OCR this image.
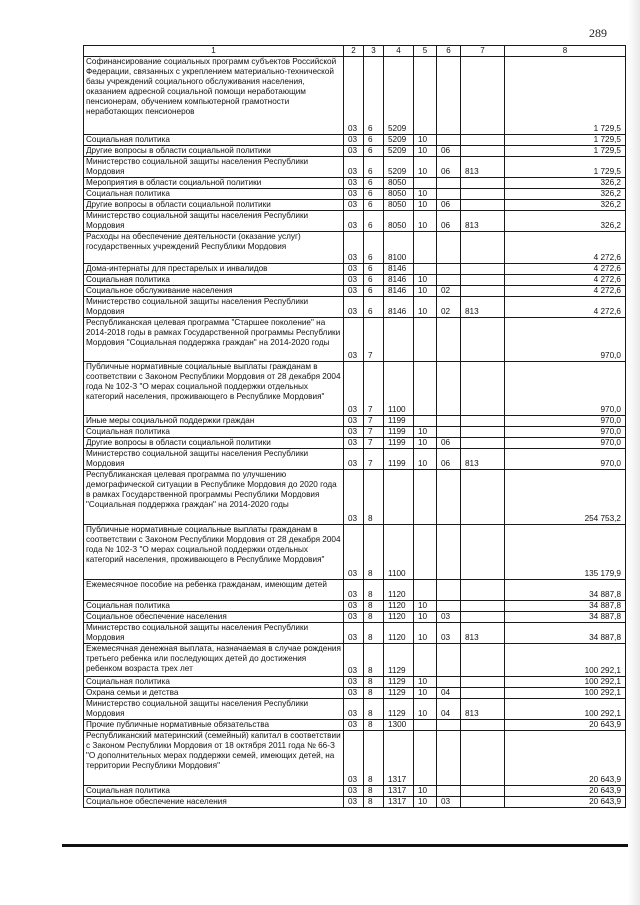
289
1	2	3	4	5	6	7	8
Софинансирование социальных программ субъектов Российской Федерации, связанных с укреплением материально-технической базы учреждений социального обслуживания населения, оказанием адресной социальной помощи неработающим пенсионерам, обучением компьютерной грамотности неработающих пенсионеров	03	6	5209				1 729,5
Социальная политика	03	6	5209	10			1 729,5
Другие вопросы в области социальной политики	03	6	5209	10	06		1 729,5
Министерство социальной защиты населения Республики Мордовия	03	6	5209	10	06	813	1 729,5
Мероприятия в области социальной политики	03	6	8050				326,2
Социальная политика	03	6	8050	10			326,2
Другие вопросы в области социальной политики	03	6	8050	10	06		326,2
Министерство социальной защиты населения Республики Мордовия	03	6	8050	10	06	813	326,2
Расходы на обеспечение деятельности (оказание услуг) государственных учреждений Республики Мордовия	03	6	8100				4 272,6
Дома-интернаты для престарелых и инвалидов	03	6	8146				4 272,6
Социальная политика	03	6	8146	10			4 272,6
Социальное обслуживание населения	03	6	8146	10	02		4 272,6
Министерство социальной защиты населения Республики Мордовия	03	6	8146	10	02	813	4 272,6
Республиканская целевая программа "Старшее поколение" на 2014-2018 годы в рамках Государственной программы Республики Мордовия "Социальная поддержка граждан" на 2014-2020 годы	03	7					970,0
Публичные нормативные социальные выплаты гражданам в соответствии с Законом Республики Мордовия от 28 декабря 2004 года № 102-З "О мерах социальной поддержки отдельных категорий населения, проживающего в Республике Мордовия"	03	7	1100				970,0
Иные меры социальной поддержки граждан	03	7	1199				970,0
Социальная политика	03	7	1199	10			970,0
Другие вопросы в области социальной политики	03	7	1199	10	06		970,0
Министерство социальной защиты населения Республики Мордовия	03	7	1199	10	06	813	970,0
Республиканская целевая программа по улучшению демографической ситуации в Республике Мордовия до 2020 года в рамках Государственной программы Республики Мордовия "Социальная поддержка граждан" на 2014-2020 годы	03	8					254 753,2
Публичные нормативные социальные выплаты гражданам в соответствии с Законом Республики Мордовия от 28 декабря 2004 года № 102-З "О мерах социальной поддержки отдельных категорий населения, проживающего в Республике Мордовия"	03	8	1100				135 179,9
Ежемесячное пособие на ребенка гражданам, имеющим детей	03	8	1120				34 887,8
Социальная политика	03	8	1120	10			34 887,8
Социальное обеспечение населения	03	8	1120	10	03		34 887,8
Министерство социальной защиты населения Республики Мордовия	03	8	1120	10	03	813	34 887,8
Ежемесячная денежная выплата, назначаемая в случае рождения третьего ребенка или последующих детей до достижения ребенком возраста трех лет	03	8	1129				100 292,1
Социальная политика	03	8	1129	10			100 292,1
Охрана семьи и детства	03	8	1129	10	04		100 292,1
Министерство социальной защиты населения Республики Мордовия	03	8	1129	10	04	813	100 292,1
Прочие публичные нормативные обязательства	03	8	1300				20 643,9
Республиканский материнский (семейный) капитал в соответствии с Законом Республики Мордовия от 18 октября 2011 года № 66-З "О дополнительных мерах поддержки семей, имеющих детей, на территории Республики Мордовия"	03	8	1317				20 643,9
Социальная политика	03	8	1317	10			20 643,9
Социальное обеспечение населения	03	8	1317	10	03		20 643,9
